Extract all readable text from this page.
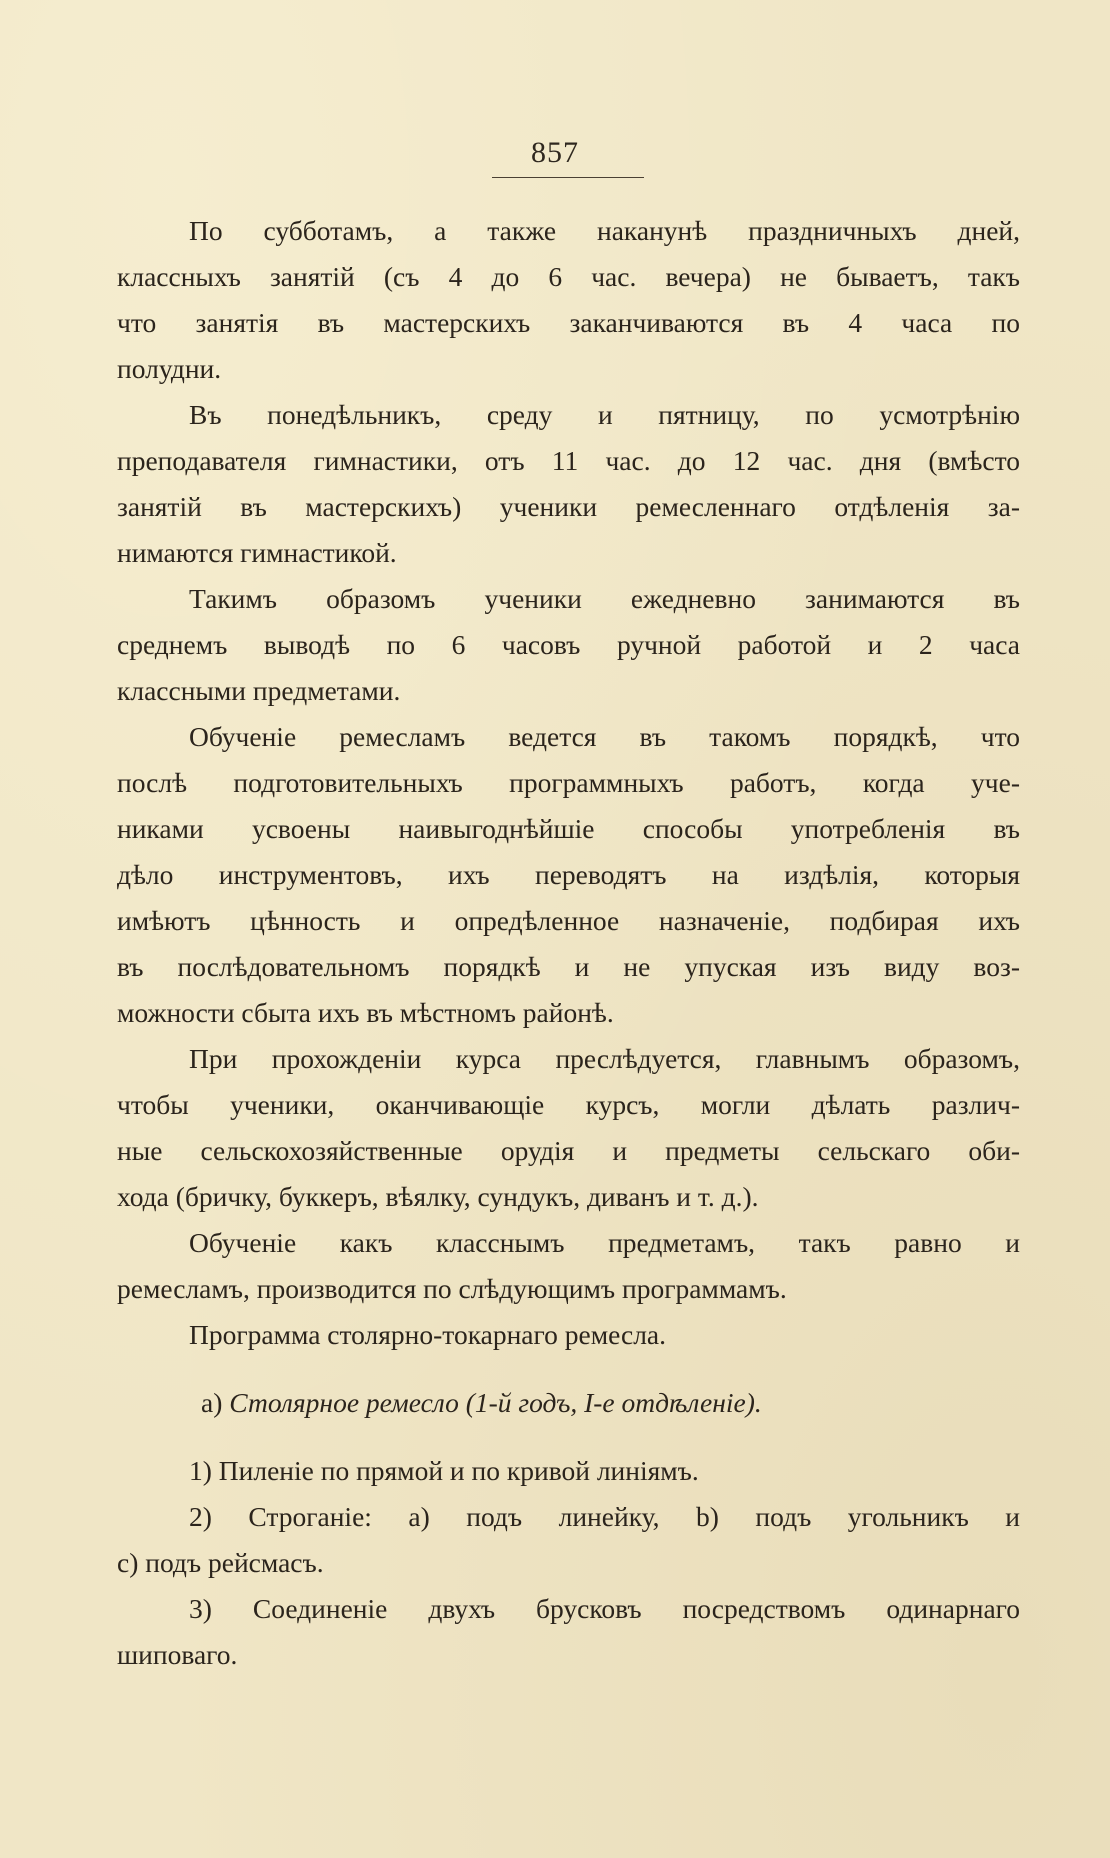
857
По субботамъ, а также наканунѣ праздничныхъ дней,
классныхъ занятій (съ 4 до 6 час. вечера) не бываетъ, такъ
что занятія въ мастерскихъ заканчиваются въ 4 часа по
полудни.
Въ понедѣльникъ, среду и пятницу, по усмотрѣнію
преподавателя гимнастики, отъ 11 час. до 12 час. дня (вмѣсто
занятій въ мастерскихъ) ученики ремесленнаго отдѣленія за-
нимаются гимнастикой.
Такимъ образомъ ученики ежедневно занимаются въ
среднемъ выводѣ по 6 часовъ ручной работой и 2 часа
классными предметами.
Обученіе ремесламъ ведется въ такомъ порядкѣ, что
послѣ подготовительныхъ программныхъ работъ, когда уче-
никами усвоены наивыгоднѣйшіе способы употребленія въ
дѣло инструментовъ, ихъ переводятъ на издѣлія, которыя
имѣютъ цѣнность и опредѣленное назначеніе, подбирая ихъ
въ послѣдовательномъ порядкѣ и не упуская изъ виду воз-
можности сбыта ихъ въ мѣстномъ районѣ.
При прохожденіи курса преслѣдуется, главнымъ образомъ,
чтобы ученики, оканчивающіе курсъ, могли дѣлать различ-
ные сельскохозяйственные орудія и предметы сельскаго оби-
хода (бричку, буккеръ, вѣялку, сундукъ, диванъ и т. д.).
Обученіе какъ класснымъ предметамъ, такъ равно и
ремесламъ, производится по слѣдующимъ программамъ.
Программа столярно-токарнаго ремесла.

а) Столярное ремесло (1-й годъ, I-е отдѣленіе).

1) Пиленіе по прямой и по кривой линіямъ.
2) Строганіе: a) подъ линейку, b) подъ угольникъ и
c) подъ рейсмасъ.
3) Соединеніе двухъ брусковъ посредствомъ одинарнаго
шиповаго.
